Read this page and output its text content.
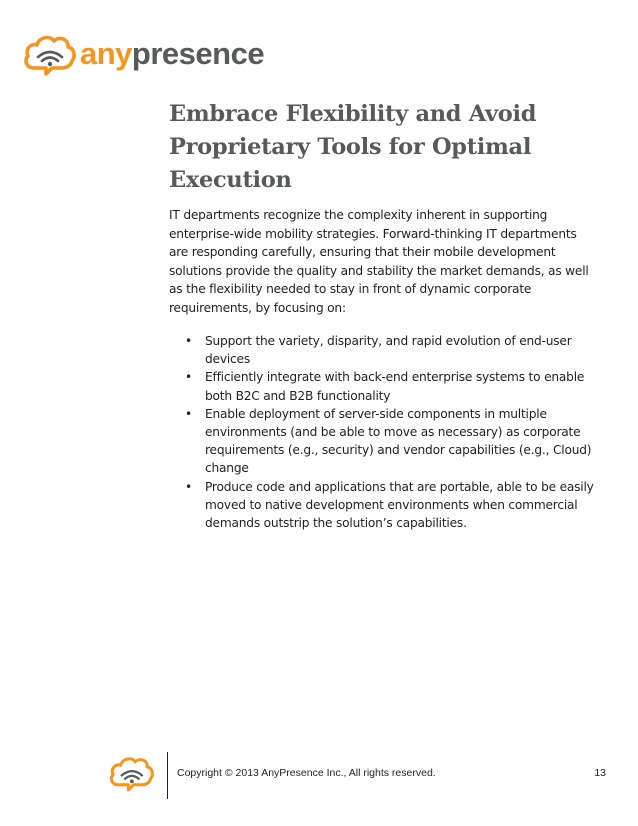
anypresence
Embrace Flexibility and Avoid Proprietary Tools for Optimal Execution

IT departments recognize the complexity inherent in supporting enterprise-wide mobility strategies. Forward-thinking IT departments are responding carefully, ensuring that their mobile development solutions provide the quality and stability the market demands, as well as the flexibility needed to stay in front of dynamic corporate requirements, by focusing on:

• Support the variety, disparity, and rapid evolution of end-user devices
• Efficiently integrate with back-end enterprise systems to enable both B2C and B2B functionality
• Enable deployment of server-side components in multiple environments (and be able to move as necessary) as corporate requirements (e.g., security) and vendor capabilities (e.g., Cloud) change
• Produce code and applications that are portable, able to be easily moved to native development environments when commercial demands outstrip the solution’s capabilities.
Copyright © 2013 AnyPresence Inc., All rights reserved.	13
